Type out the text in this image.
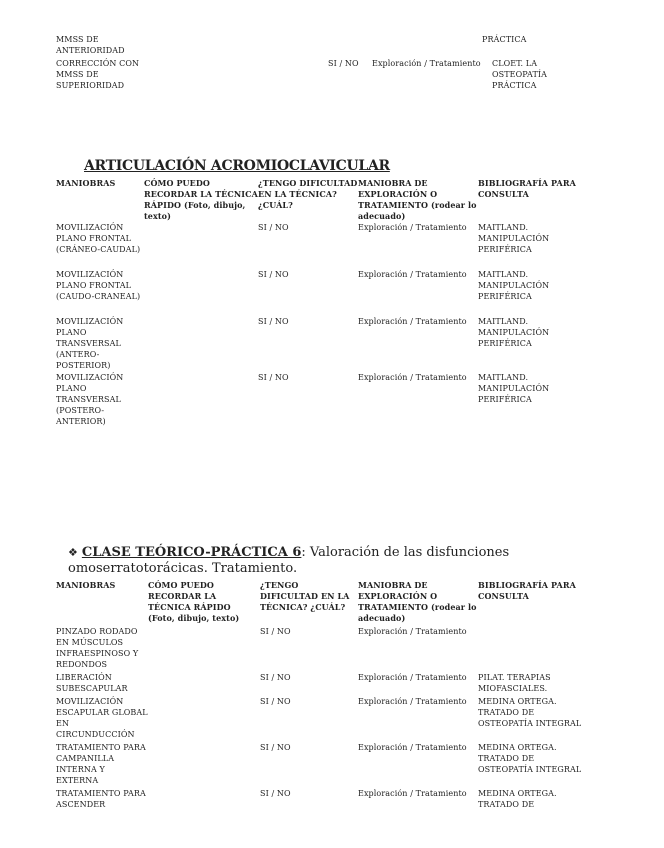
MMSS DE ANTERIORIDAD				PRÁCTICA
CORRECCIÓN CON MMSS DE SUPERIORIDAD		SI / NO	Exploración / Tratamiento	CLOET. LA OSTEOPATÍA PRÁCTICA
ARTICULACIÓN ACROMIOCLAVICULAR
MANIOBRAS	CÓMO PUEDO RECORDAR LA TÉCNICA RÁPIDO (Foto, dibujo, texto)	¿TENGO DIFICULTAD EN LA TÉCNICA? ¿CUÁL?	MANIOBRA DE EXPLORACIÓN O TRATAMIENTO (rodear lo adecuado)	BIBLIOGRAFÍA PARA CONSULTA
MOVILIZACIÓN PLANO FRONTAL (CRÁNEO-CAUDAL)		SI / NO	Exploración / Tratamiento	MAITLAND. MANIPULACIÓN PERIFÉRICA
MOVILIZACIÓN PLANO FRONTAL (CAUDO-CRANEAL)		SI / NO	Exploración / Tratamiento	MAITLAND. MANIPULACIÓN PERIFÉRICA
MOVILIZACIÓN PLANO TRANSVERSAL (ANTERO-POSTERIOR)		SI / NO	Exploración / Tratamiento	MAITLAND. MANIPULACIÓN PERIFÉRICA
MOVILIZACIÓN PLANO TRANSVERSAL (POSTERO-ANTERIOR)		SI / NO	Exploración / Tratamiento	MAITLAND. MANIPULACIÓN PERIFÉRICA
❖ CLASE TEÓRICO-PRÁCTICA 6: Valoración de las disfunciones omoserratotorácicas. Tratamiento.
MANIOBRAS	CÓMO PUEDO RECORDAR LA TÉCNICA RÁPIDO (Foto, dibujo, texto)	¿TENGO DIFICULTAD EN LA TÉCNICA? ¿CUÁL?	MANIOBRA DE EXPLORACIÓN O TRATAMIENTO (rodear lo adecuado)	BIBLIOGRAFÍA PARA CONSULTA
PINZADO RODADO EN MÚSCULOS INFRAESPINOSO Y REDONDOS		SI / NO	Exploración / Tratamiento	
LIBERACIÓN SUBESCAPULAR		SI / NO	Exploración / Tratamiento	PILAT. TERAPIAS MIOFASCIALES.
MOVILIZACIÓN ESCAPULAR GLOBAL EN CIRCUNDUCCIÓN		SI / NO	Exploración / Tratamiento	MEDINA ORTEGA. TRATADO DE OSTEOPATÍA INTEGRAL
TRATAMIENTO PARA CAMPANILLA INTERNA Y EXTERNA		SI / NO	Exploración / Tratamiento	MEDINA ORTEGA. TRATADO DE OSTEOPATÍA INTEGRAL
TRATAMIENTO PARA ASCENDER		SI / NO	Exploración / Tratamiento	MEDINA ORTEGA. TRATADO DE
